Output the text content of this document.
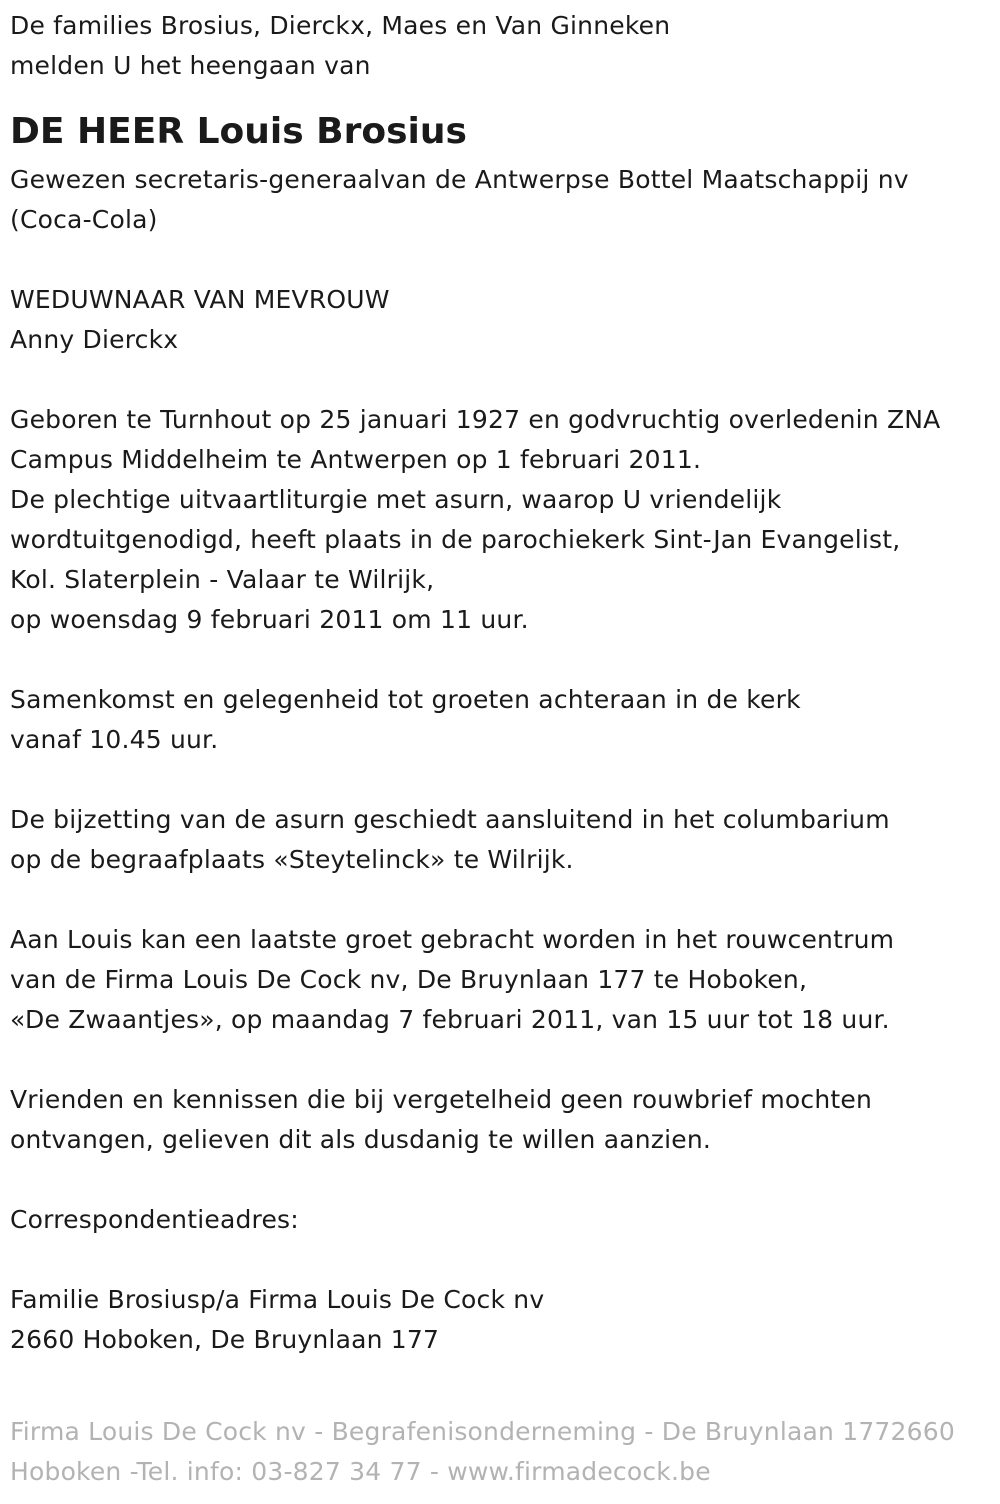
De families Brosius, Dierckx, Maes en Van Ginneken
melden U het heengaan van
DE HEER Louis Brosius
Gewezen secretaris-generaalvan de Antwerpse Bottel Maatschappij nv
(Coca-Cola)
WEDUWNAAR VAN MEVROUW
Anny Dierckx
Geboren te Turnhout op 25 januari 1927 en godvruchtig overledenin ZNA
Campus Middelheim te Antwerpen op 1 februari 2011.
De plechtige uitvaartliturgie met asurn, waarop U vriendelijk
wordtuitgenodigd, heeft plaats in de parochiekerk Sint-Jan Evangelist,
Kol. Slaterplein - Valaar te Wilrijk,
op woensdag 9 februari 2011 om 11 uur.
Samenkomst en gelegenheid tot groeten achteraan in de kerk
vanaf 10.45 uur.
De bijzetting van de asurn geschiedt aansluitend in het columbarium
op de begraafplaats «Steytelinck» te Wilrijk.
Aan Louis kan een laatste groet gebracht worden in het rouwcentrum
van de Firma Louis De Cock nv, De Bruynlaan 177 te Hoboken,
«De Zwaantjes», op maandag 7 februari 2011, van 15 uur tot 18 uur.
Vrienden en kennissen die bij vergetelheid geen rouwbrief mochten
ontvangen, gelieven dit als dusdanig te willen aanzien.
Correspondentieadres:
Familie Brosiusp/a Firma Louis De Cock nv
2660 Hoboken, De Bruynlaan 177
Firma Louis De Cock nv - Begrafenisonderneming - De Bruynlaan 1772660
Hoboken -Tel. info: 03-827 34 77 - www.firmadecock.be
